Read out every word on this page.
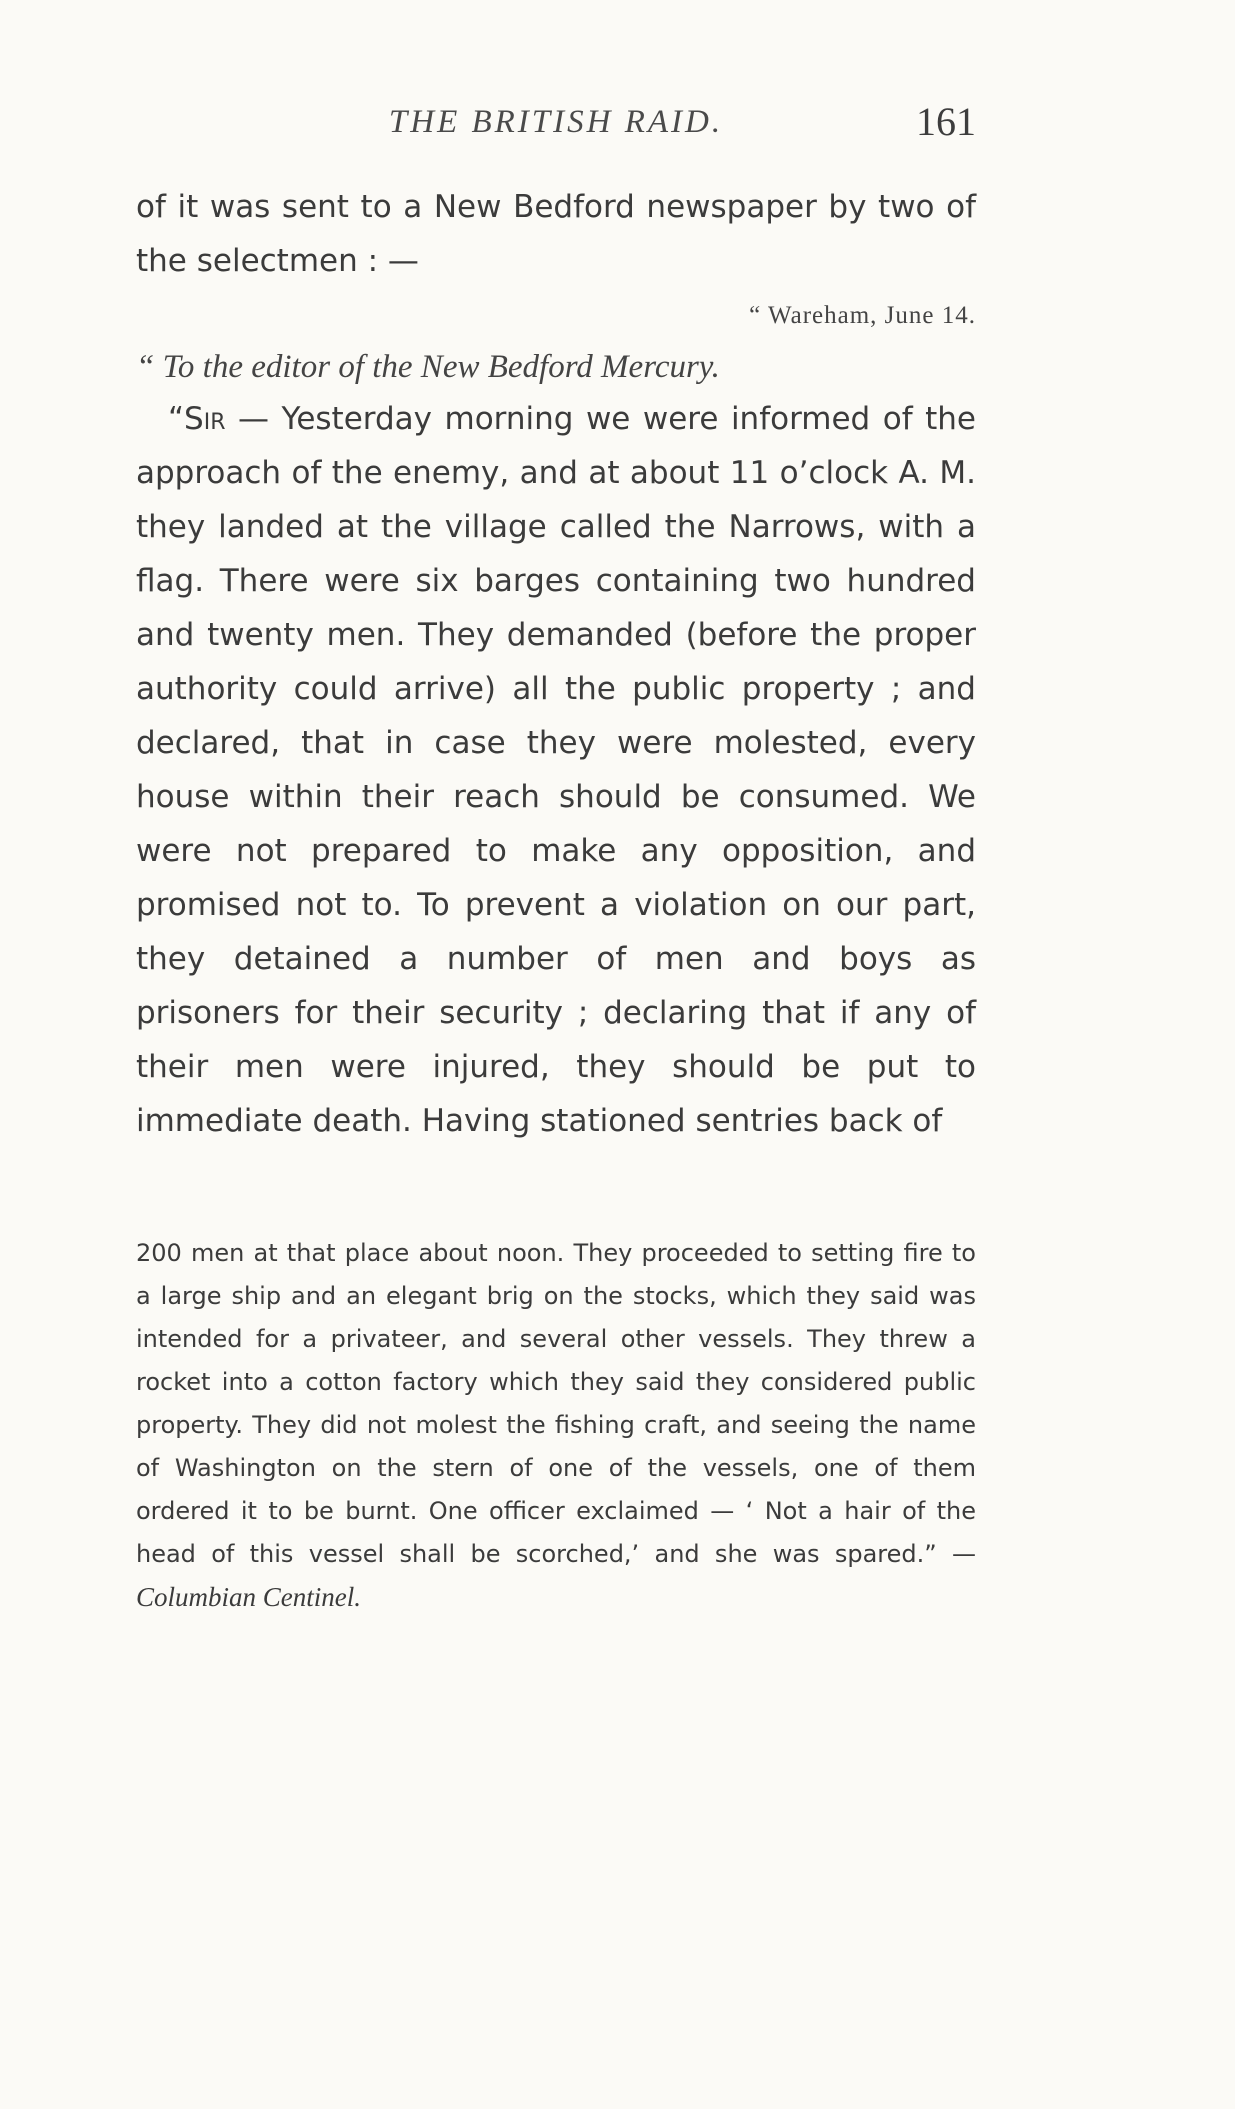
THE BRITISH RAID.	161

of it was sent to a New Bedford newspaper by two of the selectmen : —

“ Wareham, June 14.

“ To the editor of the New Bedford Mercury.

“Sir — Yesterday morning we were informed of the approach of the enemy, and at about 11 o’clock A. M. they landed at the village called the Narrows, with a flag. There were six barges containing two hundred and twenty men. They demanded (before the proper authority could arrive) all the public property ; and declared, that in case they were molested, every house within their reach should be consumed. We were not prepared to make any opposition, and promised not to. To prevent a violation on our part, they detained a number of men and boys as prisoners for their security ; declaring that if any of their men were injured, they should be put to immediate death. Having stationed sentries back of

200 men at that place about noon. They proceeded to setting fire to a large ship and an elegant brig on the stocks, which they said was intended for a privateer, and several other vessels. They threw a rocket into a cotton factory which they said they considered public property. They did not molest the fishing craft, and seeing the name of Washington on the stern of one of the vessels, one of them ordered it to be burnt. One officer exclaimed — ‘ Not a hair of the head of this vessel shall be scorched,’ and she was spared.” — Columbian Centinel.
